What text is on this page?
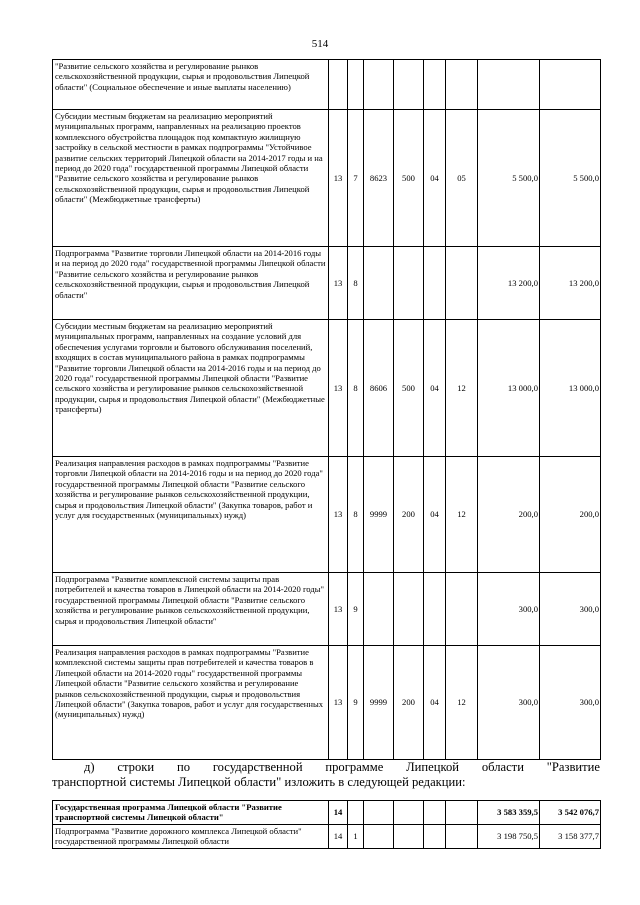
514
"Развитие сельского хозяйства и регулирование рынков сельскохозяйственной продукции, сырья и продовольствия Липецкой области" (Социальное обеспечение и иные выплаты населению)								
Субсидии местным бюджетам на реализацию мероприятий муниципальных программ, направленных на реализацию проектов комплексного обустройства площадок под компактную жилищную застройку в сельской местности в рамках подпрограммы "Устойчивое развитие сельских территорий Липецкой области на 2014-2017 годы и на период до 2020 года" государственной программы Липецкой области "Развитие сельского хозяйства и регулирование рынков сельскохозяйственной продукции, сырья и продовольствия Липецкой области" (Межбюджетные трансферты)	13	7	8623	500	04	05	5 500,0	5 500,0
Подпрограмма "Развитие торговли Липецкой области на 2014-2016 годы и на период до 2020 года" государственной программы Липецкой области "Развитие сельского хозяйства и регулирование рынков сельскохозяйственной продукции, сырья и продовольствия Липецкой области"	13	8					13 200,0	13 200,0
Субсидии местным бюджетам на реализацию мероприятий муниципальных программ, направленных на создание условий для обеспечения услугами торговли и бытового обслуживания поселений, входящих в состав муниципального района в рамках подпрограммы "Развитие торговли Липецкой области на 2014-2016 годы и на период до 2020 года" государственной программы Липецкой области "Развитие сельского хозяйства и регулирование рынков сельскохозяйственной продукции, сырья и продовольствия Липецкой области" (Межбюджетные трансферты)	13	8	8606	500	04	12	13 000,0	13 000,0
Реализация направления расходов в рамках подпрограммы "Развитие торговли Липецкой области на 2014-2016 годы и на период до 2020 года" государственной программы Липецкой области "Развитие сельского хозяйства и регулирование рынков сельскохозяйственной продукции, сырья и продовольствия Липецкой области" (Закупка товаров, работ и услуг для государственных (муниципальных) нужд)	13	8	9999	200	04	12	200,0	200,0
Подпрограмма "Развитие комплексной системы защиты прав потребителей и качества товаров в Липецкой области на 2014-2020 годы" государственной программы Липецкой области "Развитие сельского хозяйства и регулирование рынков сельскохозяйственной продукции, сырья и продовольствия Липецкой области"	13	9					300,0	300,0
Реализация направления расходов в рамках подпрограммы "Развитие комплексной системы защиты прав потребителей и качества товаров в Липецкой области на 2014-2020 годы" государственной программы Липецкой области "Развитие сельского хозяйства и регулирование рынков сельскохозяйственной продукции, сырья и продовольствия Липецкой области" (Закупка товаров, работ и услуг для государственных (муниципальных) нужд)	13	9	9999	200	04	12	300,0	300,0
д) строки по государственной программе Липецкой области "Развитие
транспортной системы Липецкой области" изложить в следующей редакции:
Государственная программа Липецкой области "Развитие транспортной системы Липецкой области"	14						3 583 359,5	3 542 076,7
Подпрограмма "Развитие дорожного комплекса Липецкой области" государственной программы Липецкой области	14	1					3 198 750,5	3 158 377,7
